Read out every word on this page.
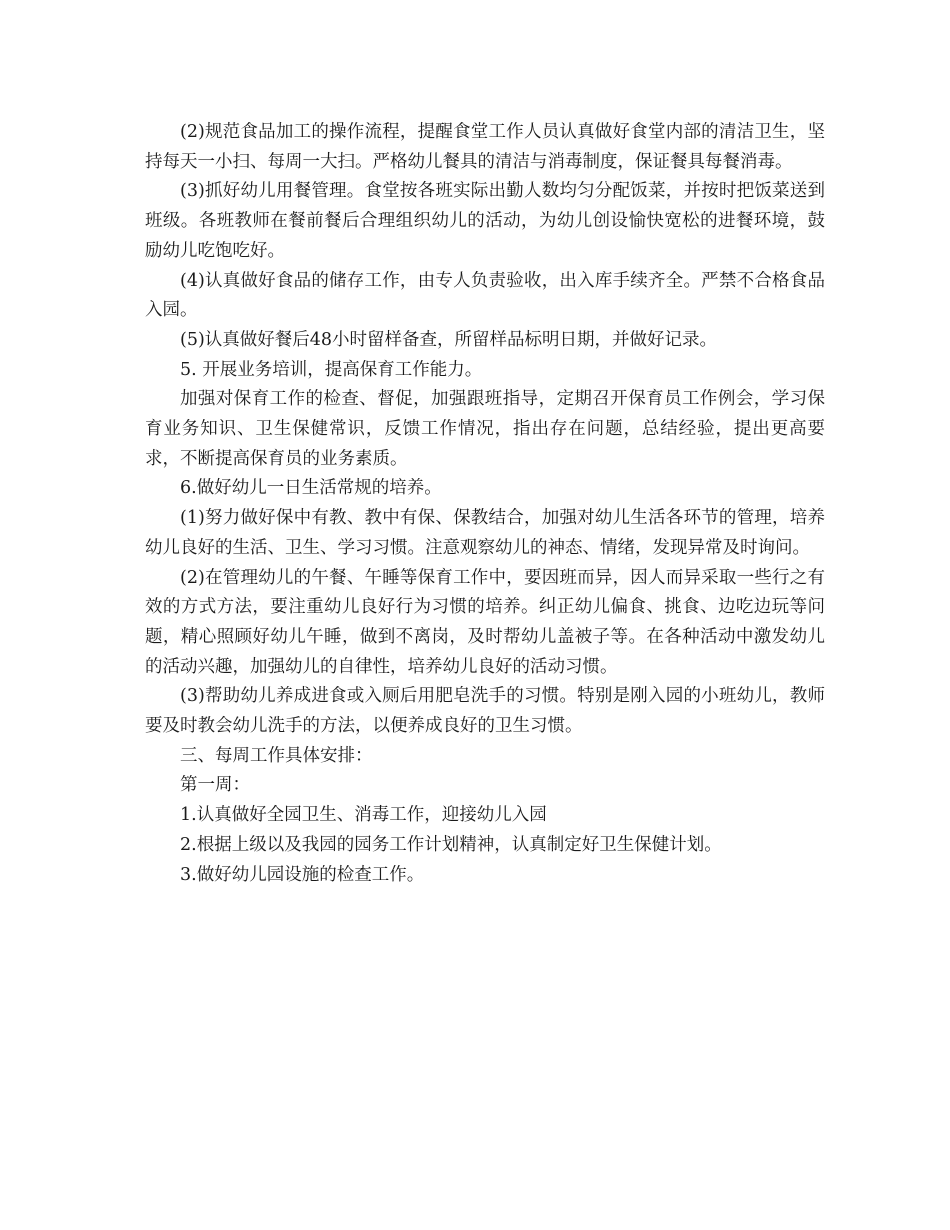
(2)规范食品加工的操作流程，提醒食堂工作人员认真做好食堂内部的清洁卫生，坚持每天一小扫、每周一大扫。严格幼儿餐具的清洁与消毒制度，保证餐具每餐消毒。

(3)抓好幼儿用餐管理。食堂按各班实际出勤人数均匀分配饭菜，并按时把饭菜送到班级。各班教师在餐前餐后合理组织幼儿的活动，为幼儿创设愉快宽松的进餐环境，鼓励幼儿吃饱吃好。

(4)认真做好食品的储存工作，由专人负责验收，出入库手续齐全。严禁不合格食品入园。

(5)认真做好餐后48小时留样备查，所留样品标明日期，并做好记录。

5. 开展业务培训，提高保育工作能力。

加强对保育工作的检查、督促，加强跟班指导，定期召开保育员工作例会，学习保育业务知识、卫生保健常识，反馈工作情况，指出存在问题，总结经验，提出更高要求，不断提高保育员的业务素质。

6.做好幼儿一日生活常规的培养。

(1)努力做好保中有教、教中有保、保教结合，加强对幼儿生活各环节的管理，培养幼儿良好的生活、卫生、学习习惯。注意观察幼儿的神态、情绪，发现异常及时询问。

(2)在管理幼儿的午餐、午睡等保育工作中，要因班而异，因人而异采取一些行之有效的方式方法，要注重幼儿良好行为习惯的培养。纠正幼儿偏食、挑食、边吃边玩等问题，精心照顾好幼儿午睡，做到不离岗，及时帮幼儿盖被子等。在各种活动中激发幼儿的活动兴趣，加强幼儿的自律性，培养幼儿良好的活动习惯。

(3)帮助幼儿养成进食或入厕后用肥皂洗手的习惯。特别是刚入园的小班幼儿，教师要及时教会幼儿洗手的方法，以便养成良好的卫生习惯。

三、每周工作具体安排：

第一周：

1.认真做好全园卫生、消毒工作，迎接幼儿入园

2.根据上级以及我园的园务工作计划精神，认真制定好卫生保健计划。

3.做好幼儿园设施的检查工作。
